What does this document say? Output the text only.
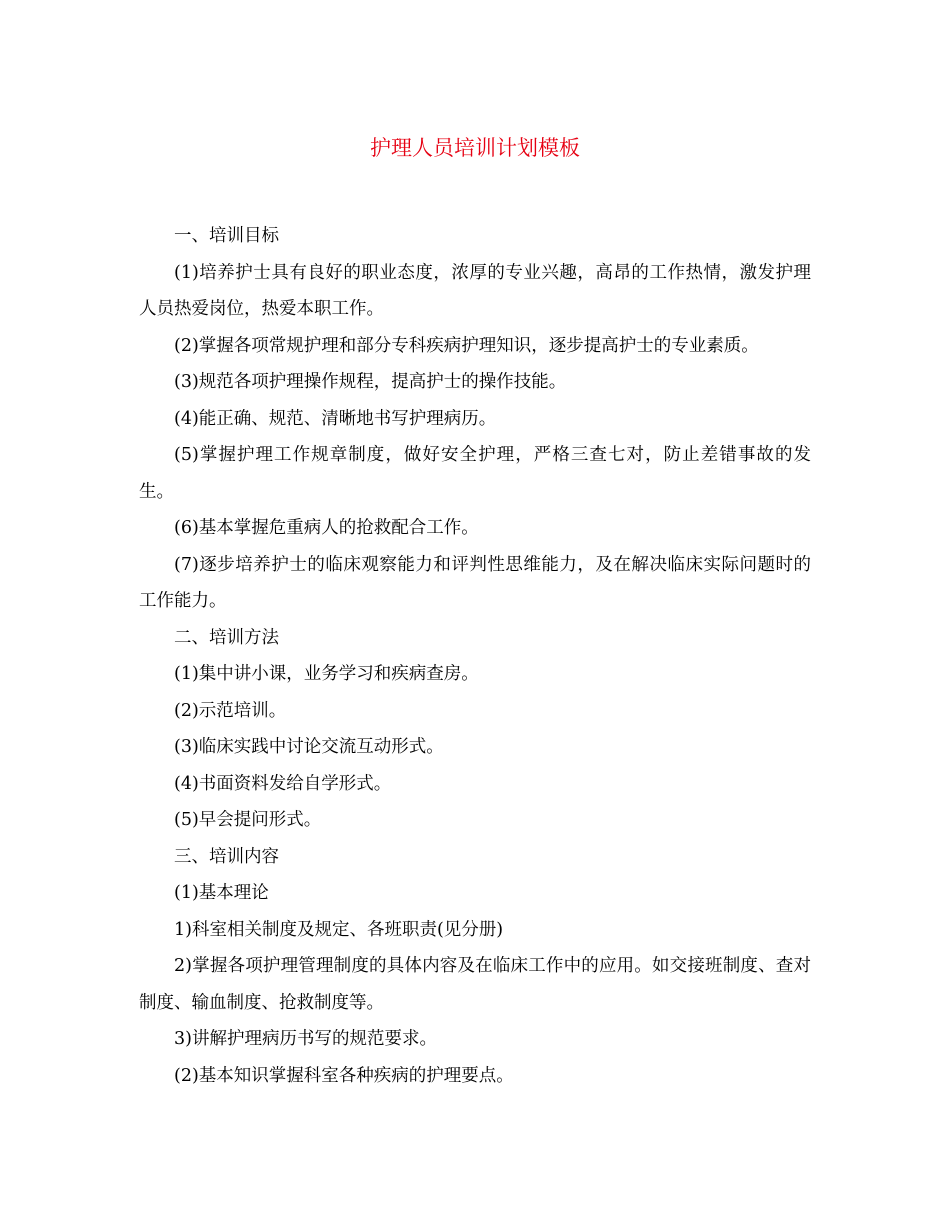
护理人员培训计划模板

一、培训目标

(1)培养护士具有良好的职业态度，浓厚的专业兴趣，高昂的工作热情，激发护理人员热爱岗位，热爱本职工作。

(2)掌握各项常规护理和部分专科疾病护理知识，逐步提高护士的专业素质。

(3)规范各项护理操作规程，提高护士的操作技能。

(4)能正确、规范、清晰地书写护理病历。

(5)掌握护理工作规章制度，做好安全护理，严格三查七对，防止差错事故的发生。

(6)基本掌握危重病人的抢救配合工作。

(7)逐步培养护士的临床观察能力和评判性思维能力，及在解决临床实际问题时的工作能力。

二、培训方法

(1)集中讲小课，业务学习和疾病查房。

(2)示范培训。

(3)临床实践中讨论交流互动形式。

(4)书面资料发给自学形式。

(5)早会提问形式。

三、培训内容

(1)基本理论

1)科室相关制度及规定、各班职责(见分册)

2)掌握各项护理管理制度的具体内容及在临床工作中的应用。如交接班制度、查对制度、输血制度、抢救制度等。

3)讲解护理病历书写的规范要求。

(2)基本知识掌握科室各种疾病的护理要点。
